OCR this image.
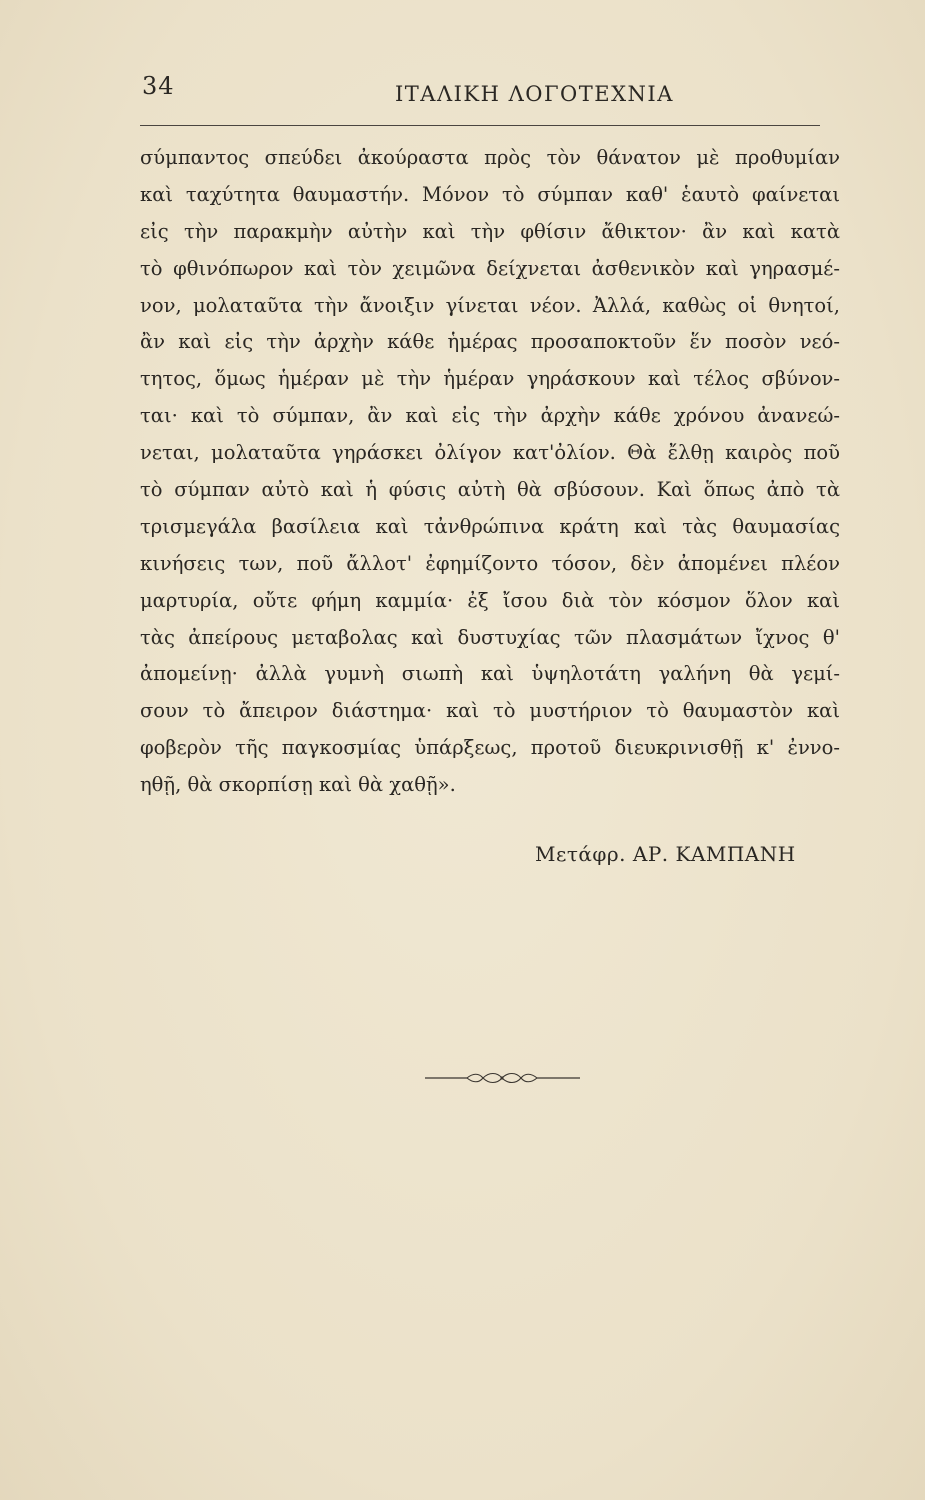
34	ΙΤΑΛΙΚΗ ΛΟΓΟΤΕΧΝΙΑ
σύμπαντος σπεύδει ἀκούραστα πρὸς τὸν θάνατον μὲ προθυμίαν
καὶ ταχύτητα θαυμαστήν. Μόνον τὸ σύμπαν καθ' ἑαυτὸ φαίνεται
εἰς τὴν παρακμὴν αὐτὴν καὶ τὴν φθίσιν ἄθικτον· ἂν καὶ κατὰ
τὸ φθινόπωρον καὶ τὸν χειμῶνα δείχνεται ἀσθενικὸν καὶ γηρασμέ-
νον, μολαταῦτα τὴν ἄνοιξιν γίνεται νέον. Ἀλλά, καθὼς οἱ θνητοί,
ἂν καὶ εἰς τὴν ἀρχὴν κάθε ἡμέρας προσαποκτοῦν ἕν ποσὸν νεό-
τητος, ὅμως ἡμέραν μὲ τὴν ἡμέραν γηράσκουν καὶ τέλος σβύνον-
ται· καὶ τὸ σύμπαν, ἂν καὶ εἰς τὴν ἀρχὴν κάθε χρόνου ἀνανεώ-
νεται, μολαταῦτα γηράσκει ὀλίγον κατ'ὀλίον. Θὰ ἔλθῃ καιρὸς ποῦ
τὸ σύμπαν αὐτὸ καὶ ἡ φύσις αὐτὴ θὰ σβύσουν. Καὶ ὅπως ἀπὸ τὰ
τρισμεγάλα βασίλεια καὶ τἀνθρώπινα κράτη καὶ τὰς θαυμασίας
κινήσεις των, ποῦ ἄλλοτ' ἐφημίζοντο τόσον, δὲν ἀπομένει πλέον
μαρτυρία, οὔτε φήμη καμμία· ἐξ ἴσου διὰ τὸν κόσμον ὅλον καὶ
τὰς ἀπείρους μεταβολας καὶ δυστυχίας τῶν πλασμάτων ἴχνος θ'
ἀπομείνῃ· ἀλλὰ γυμνὴ σιωπὴ καὶ ὑψηλοτάτη γαλήνη θὰ γεμί-
σουν τὸ ἄπειρον διάστημα· καὶ τὸ μυστήριον τὸ θαυμαστὸν καὶ
φοβερὸν τῆς παγκοσμίας ὑπάρξεως, προτοῦ διευκρινισθῇ κ' ἐννο-
ηθῇ, θὰ σκορπίσῃ καὶ θὰ χαθῇ».
Μετάφρ. ΑΡ. ΚΑΜΠΑΝΗ
